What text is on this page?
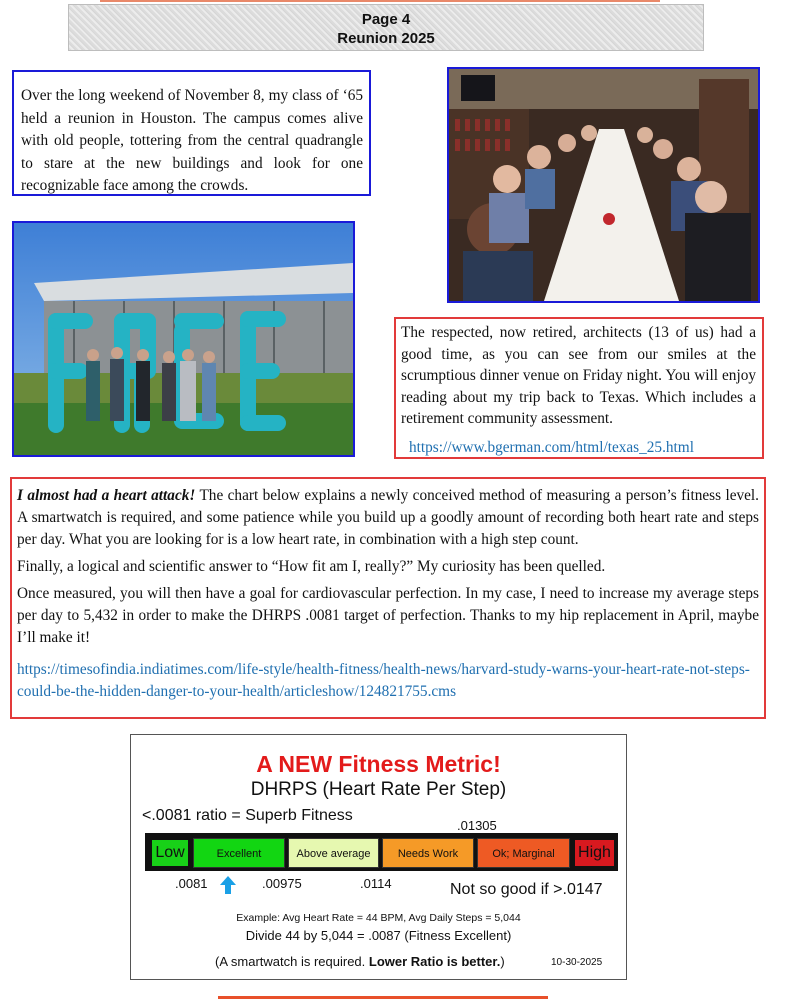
Page 4
Reunion 2025
Over the long weekend of November 8, my class of ‘65 held a reunion in Houston. The campus comes alive with old people, tottering from the central quadrangle to stare at the new buildings and look for one recognizable face among the crowds.
The respected, now retired, architects (13 of us) had a good time, as you can see from our smiles at the scrumptious dinner venue on Friday night. You will enjoy reading about my trip back to Texas. Which includes a retirement community assessment.
https://www.bgerman.com/html/texas_25.html

I almost had a heart attack! The chart below explains a newly conceived method of measuring a person’s fitness level. A smartwatch is required, and some patience while you build up a goodly amount of recording both heart rate and steps per day. What you are looking for is a low heart rate, in combination with a high step count.

Finally, a logical and scientific answer to “How fit am I, really?” My curiosity has been quelled.

Once measured, you will then have a goal for cardiovascular perfection. In my case, I need to increase my average steps per day to 5,432 in order to make the DHRPS .0081 target of perfection. Thanks to my hip replacement in April, maybe I’ll make it!

https://timesofindia.indiatimes.com/life-style/health-fitness/health-news/harvard-study-warns-your-heart-rate-not-steps-could-be-the-hidden-danger-to-your-health/articleshow/124821755.cms

A NEW Fitness Metric!
DHRPS (Heart Rate Per Step)
<.0081 ratio = Superb Fitness
.01305
Low	Excellent	Above average	Needs Work	Ok; Marginal	High
.0081	.00975	.0114	Not so good if >.0147
Example: Avg Heart Rate = 44 BPM, Avg Daily Steps = 5,044
Divide 44 by 5,044 = .0087 (Fitness Excellent)
(A smartwatch is required. Lower Ratio is better.)	10-30-2025
